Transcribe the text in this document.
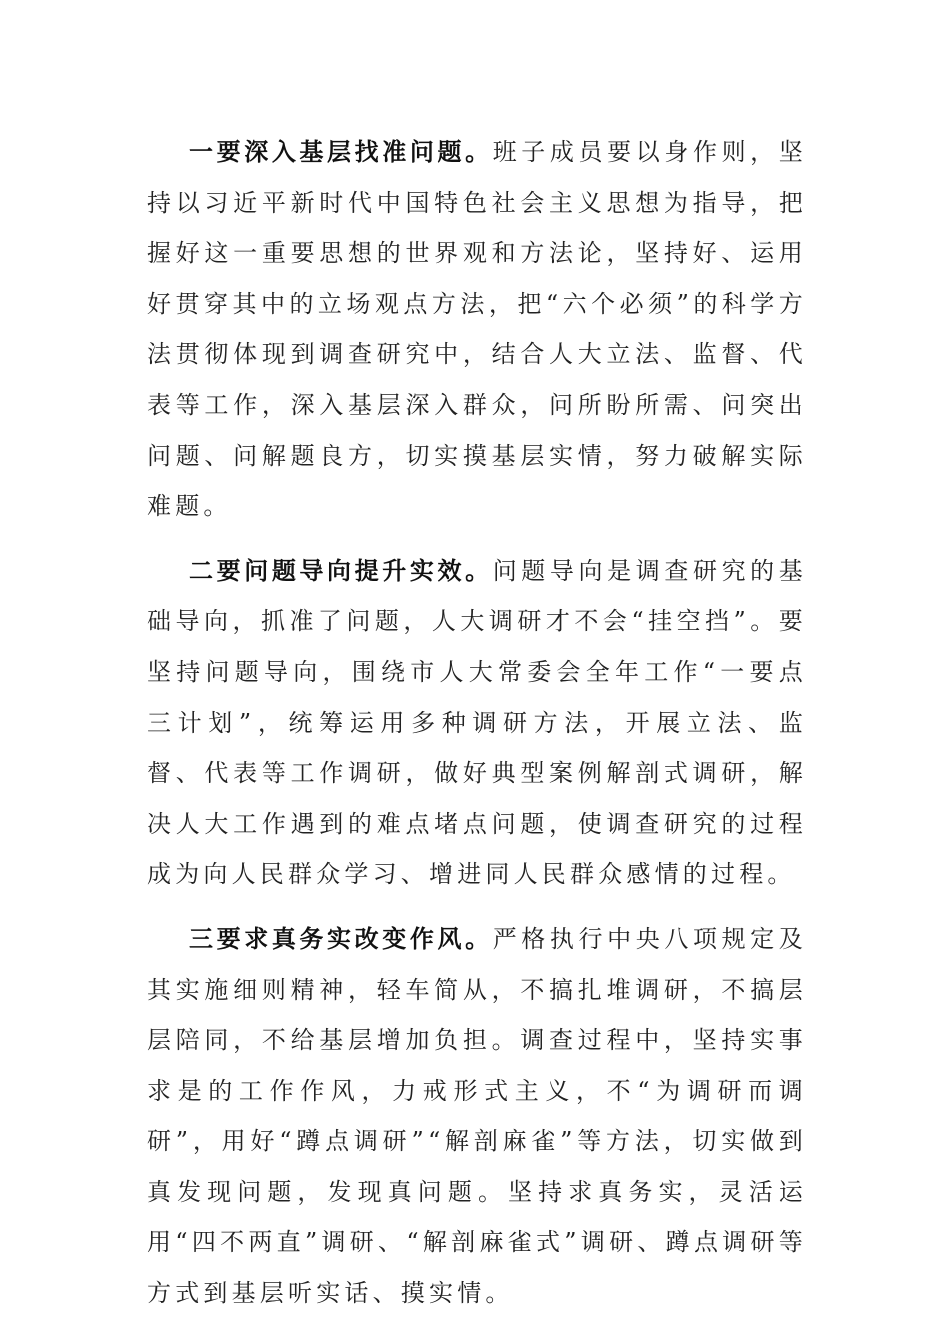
一要深入基层找准问题。班子成员要以身作则，坚持以习近平新时代中国特色社会主义思想为指导，把握好这一重要思想的世界观和方法论，坚持好、运用好贯穿其中的立场观点方法，把“六个必须”的科学方法贯彻体现到调查研究中，结合人大立法、监督、代表等工作，深入基层深入群众，问所盼所需、问突出问题、问解题良方，切实摸基层实情，努力破解实际难题。

二要问题导向提升实效。问题导向是调查研究的基础导向，抓准了问题，人大调研才不会“挂空挡”。要坚持问题导向，围绕市人大常委会全年工作“一要点三计划”，统筹运用多种调研方法，开展立法、监督、代表等工作调研，做好典型案例解剖式调研，解决人大工作遇到的难点堵点问题，使调查研究的过程成为向人民群众学习、增进同人民群众感情的过程。

三要求真务实改变作风。严格执行中央八项规定及其实施细则精神，轻车简从，不搞扎堆调研，不搞层层陪同，不给基层增加负担。调查过程中，坚持实事求是的工作作风，力戒形式主义，不“为调研而调研”，用好“蹲点调研”“解剖麻雀”等方法，切实做到真发现问题，发现真问题。坚持求真务实，灵活运用“四不两直”调研、“解剖麻雀式”调研、蹲点调研等方式到基层听实话、摸实情。
